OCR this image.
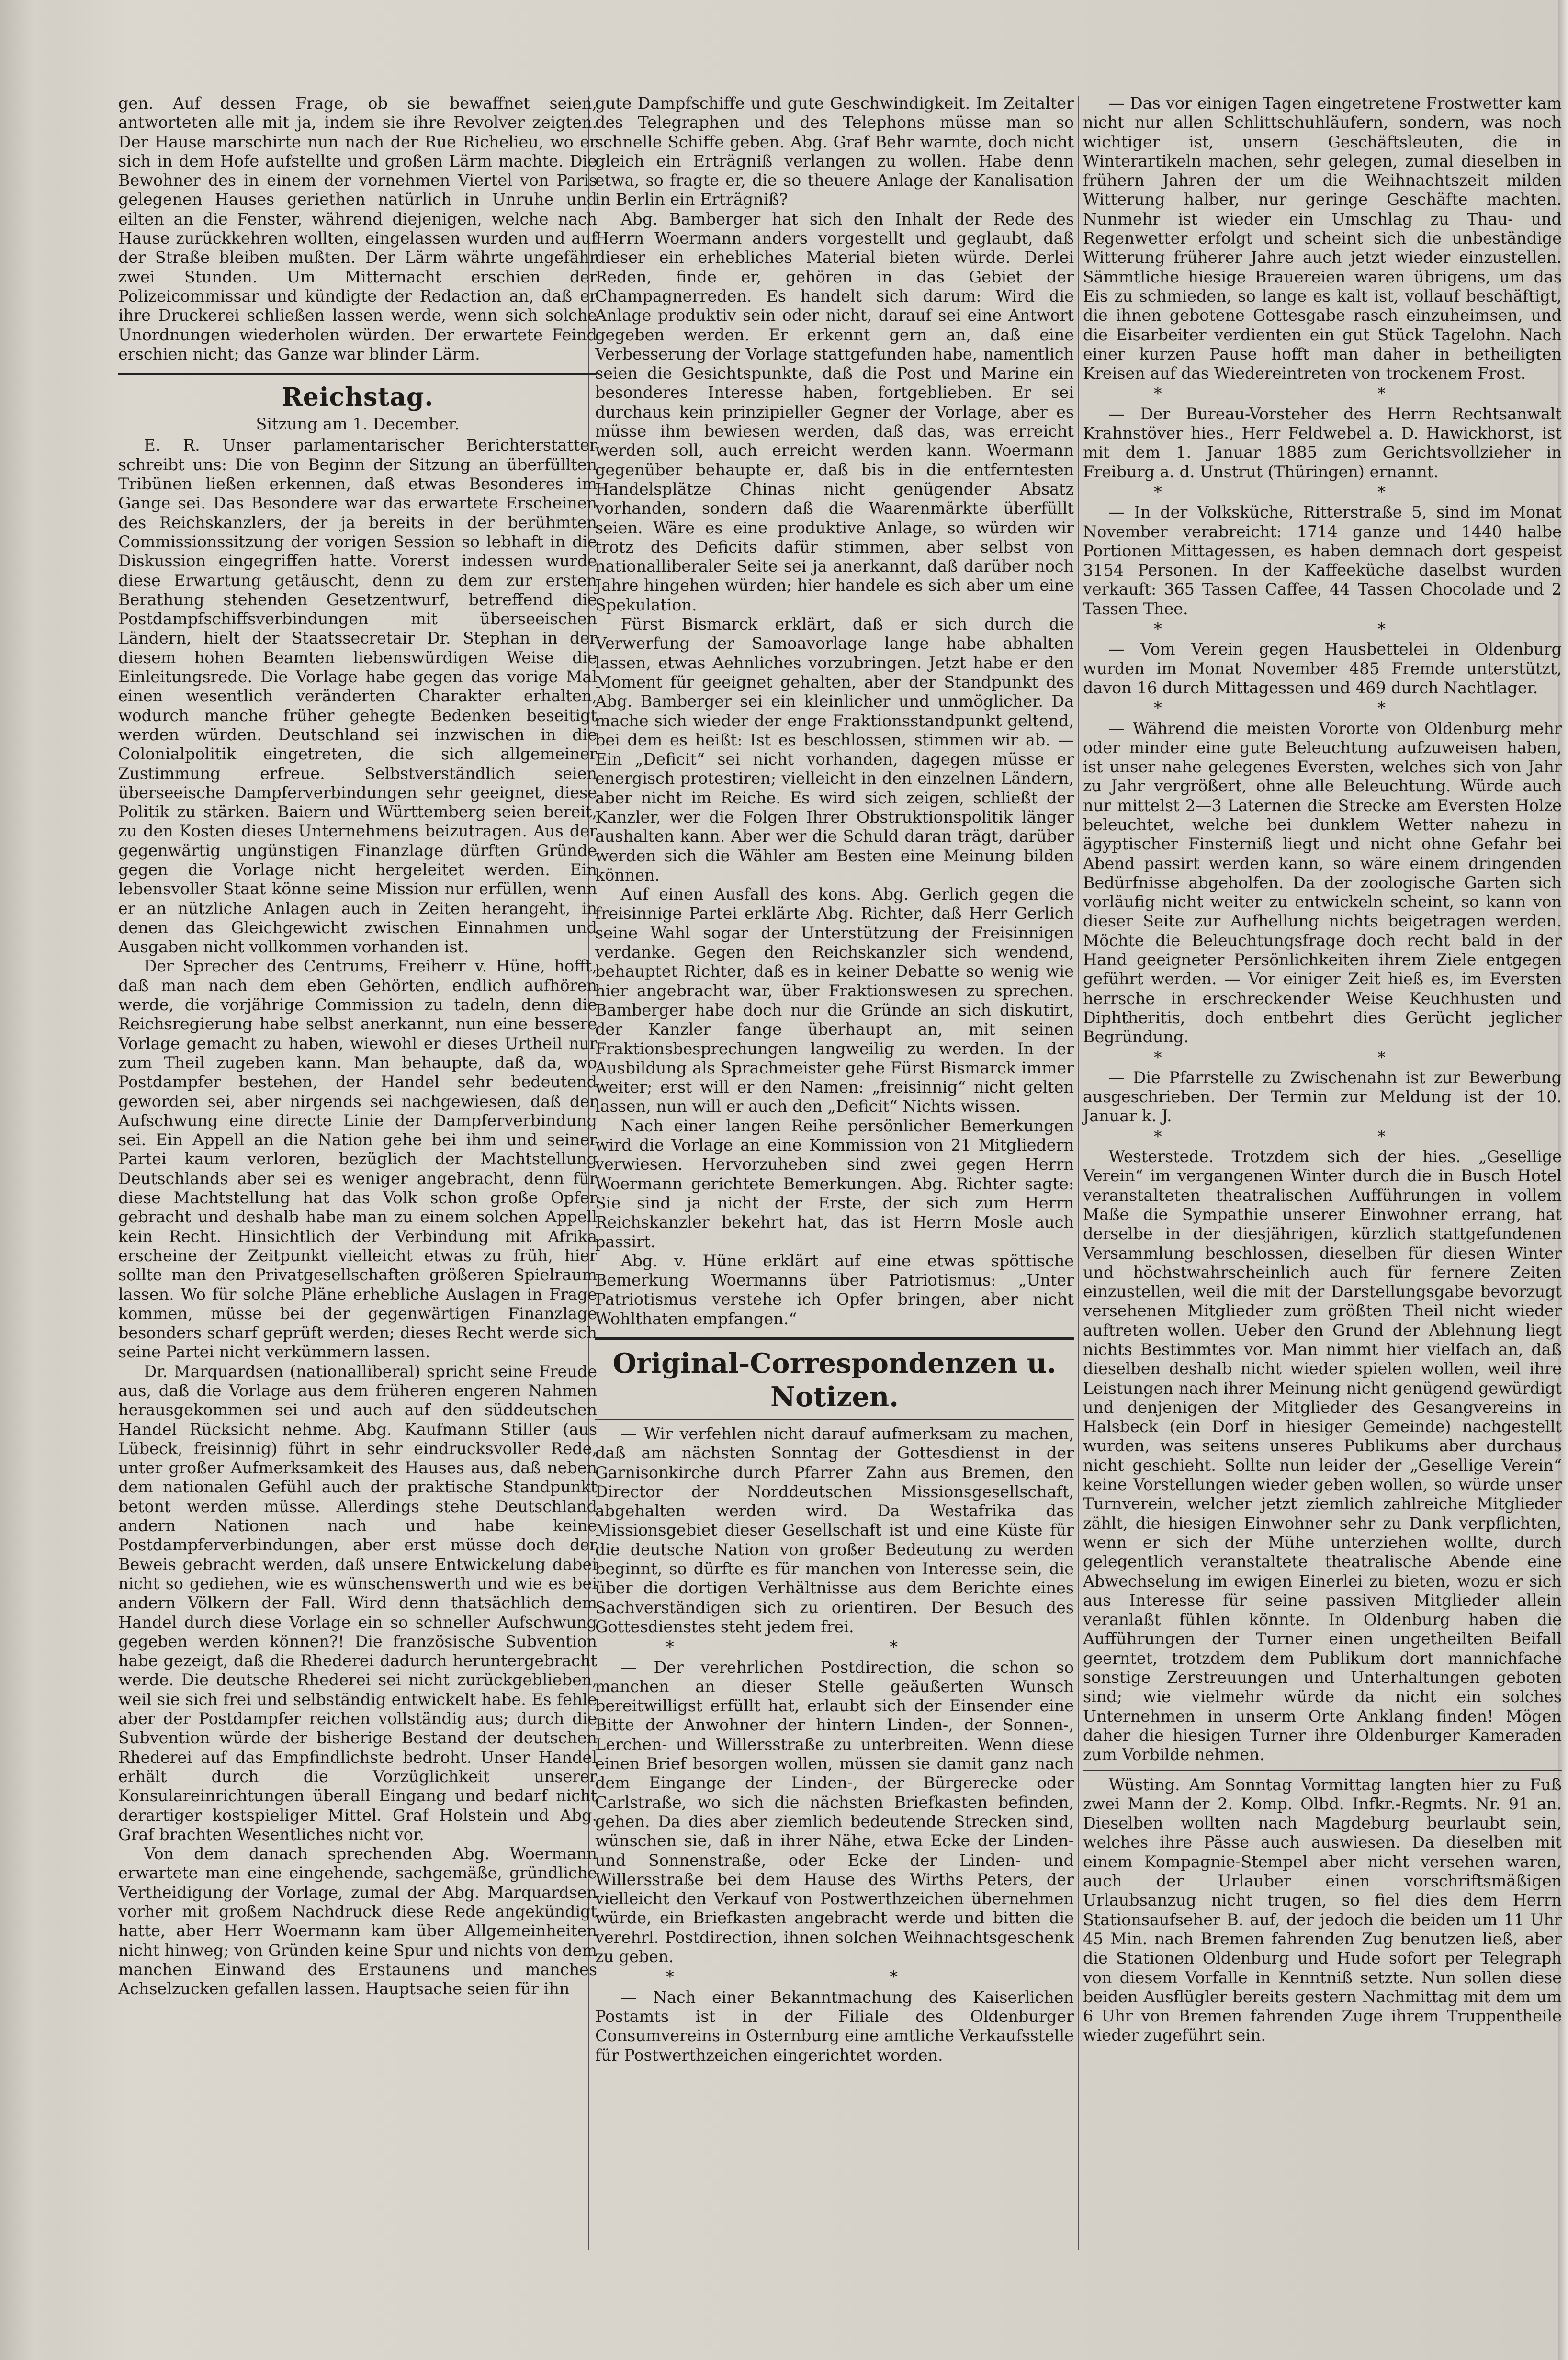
gen. Auf dessen Frage, ob sie bewaffnet seien, antworteten alle mit ja, indem sie ihre Revolver zeigten. Der Hause marschirte nun nach der Rue Richelieu, wo er sich in dem Hofe aufstellte und großen Lärm machte. Die Bewohner des in einem der vornehmen Viertel von Paris gelegenen Hauses geriethen natürlich in Unruhe und eilten an die Fenster, während diejenigen, welche nach Hause zurückkehren wollten, eingelassen wurden und auf der Straße bleiben mußten. Der Lärm währte ungefähr zwei Stunden. Um Mitternacht erschien der Polizeicommissar und kündigte der Redaction an, daß er ihre Druckerei schließen lassen werde, wenn sich solche Unordnungen wiederholen würden. Der erwartete Feind erschien nicht; das Ganze war blinder Lärm.
Reichstag.
Sitzung am 1. December.
E. R. Unser parlamentarischer Berichterstatter schreibt uns: Die von Beginn der Sitzung an überfüllten Tribünen ließen erkennen, daß etwas Besonderes im Gange sei. Das Besondere war das erwartete Erscheinen des Reichskanzlers, der ja bereits in der berühmten Commissionssitzung der vorigen Session so lebhaft in die Diskussion eingegriffen hatte. Vorerst indessen wurde diese Erwartung getäuscht, denn zu dem zur ersten Berathung stehenden Gesetzentwurf, betreffend die Postdampfschiffsverbindungen mit überseeischen Ländern, hielt der Staatssecretair Dr. Stephan in der diesem hohen Beamten liebenswürdigen Weise die Einleitungsrede. Die Vorlage habe gegen das vorige Mal einen wesentlich veränderten Charakter erhalten, wodurch manche früher gehegte Bedenken beseitigt werden würden. Deutschland sei inzwischen in die Colonialpolitik eingetreten, die sich allgemeiner Zustimmung erfreue. Selbstverständlich seien überseeische Dampferverbindungen sehr geeignet, diese Politik zu stärken. Baiern und Württemberg seien bereit, zu den Kosten dieses Unternehmens beizutragen. Aus der gegenwärtig ungünstigen Finanzlage dürften Gründe gegen die Vorlage nicht hergeleitet werden. Ein lebensvoller Staat könne seine Mission nur erfüllen, wenn er an nützliche Anlagen auch in Zeiten herangeht, in denen das Gleichgewicht zwischen Einnahmen und Ausgaben nicht vollkommen vorhanden ist.
Der Sprecher des Centrums, Freiherr v. Hüne, hofft, daß man nach dem eben Gehörten, endlich aufhören werde, die vorjährige Commission zu tadeln, denn die Reichsregierung habe selbst anerkannt, nun eine bessere Vorlage gemacht zu haben, wiewohl er dieses Urtheil nur zum Theil zugeben kann. Man behaupte, daß da, wo Postdampfer bestehen, der Handel sehr bedeutend geworden sei, aber nirgends sei nachgewiesen, daß der Aufschwung eine directe Linie der Dampferverbindung sei. Ein Appell an die Nation gehe bei ihm und seiner Partei kaum verloren, bezüglich der Machtstellung Deutschlands aber sei es weniger angebracht, denn für diese Machtstellung hat das Volk schon große Opfer gebracht und deshalb habe man zu einem solchen Appell kein Recht. Hinsichtlich der Verbindung mit Afrika erscheine der Zeitpunkt vielleicht etwas zu früh, hier sollte man den Privatgesellschaften größeren Spielraum lassen. Wo für solche Pläne erhebliche Auslagen in Frage kommen, müsse bei der gegenwärtigen Finanzlage besonders scharf geprüft werden; dieses Recht werde sich seine Partei nicht verkümmern lassen.
Dr. Marquardsen (nationalliberal) spricht seine Freude aus, daß die Vorlage aus dem früheren engeren Nahmen herausgekommen sei und auch auf den süddeutschen Handel Rücksicht nehme. Abg. Kaufmann Stiller (aus Lübeck, freisinnig) führt in sehr eindrucksvoller Rede, unter großer Aufmerksamkeit des Hauses aus, daß neben dem nationalen Gefühl auch der praktische Standpunkt betont werden müsse. Allerdings stehe Deutschland andern Nationen nach und habe keine Postdampferverbindungen, aber erst müsse doch der Beweis gebracht werden, daß unsere Entwickelung dabei nicht so gediehen, wie es wünschenswerth und wie es bei andern Völkern der Fall. Wird denn thatsächlich dem Handel durch diese Vorlage ein so schneller Aufschwung gegeben werden können?! Die französische Subvention habe gezeigt, daß die Rhederei dadurch heruntergebracht werde. Die deutsche Rhederei sei nicht zurückgeblieben, weil sie sich frei und selbständig entwickelt habe. Es fehle aber der Postdampfer reichen vollständig aus; durch die Subvention würde der bisherige Bestand der deutschen Rhederei auf das Empfindlichste bedroht. Unser Handel erhält durch die Vorzüglichkeit unserer Konsulareinrichtungen überall Eingang und bedarf nicht derartiger kostspieliger Mittel. Graf Holstein und Abg. Graf brachten Wesentliches nicht vor.
Von dem danach sprechenden Abg. Woermann erwartete man eine eingehende, sachgemäße, gründliche Vertheidigung der Vorlage, zumal der Abg. Marquardsen vorher mit großem Nachdruck diese Rede angekündigt hatte, aber Herr Woermann kam über Allgemeinheiten nicht hinweg; von Gründen keine Spur und nichts von dem manchen Einwand des Erstaunens und manches Achselzucken gefallen lassen. Hauptsache seien für ihn
gute Dampfschiffe und gute Geschwindigkeit. Im Zeitalter des Telegraphen und des Telephons müsse man so schnelle Schiffe geben. Abg. Graf Behr warnte, doch nicht gleich ein Erträgniß verlangen zu wollen. Habe denn etwa, so fragte er, die so theuere Anlage der Kanalisation in Berlin ein Erträgniß?
Abg. Bamberger hat sich den Inhalt der Rede des Herrn Woermann anders vorgestellt und geglaubt, daß dieser ein erhebliches Material bieten würde. Derlei Reden, finde er, gehören in das Gebiet der Champagnerreden. Es handelt sich darum: Wird die Anlage produktiv sein oder nicht, darauf sei eine Antwort gegeben werden. Er erkennt gern an, daß eine Verbesserung der Vorlage stattgefunden habe, namentlich seien die Gesichtspunkte, daß die Post und Marine ein besonderes Interesse haben, fortgeblieben. Er sei durchaus kein prinzipieller Gegner der Vorlage, aber es müsse ihm bewiesen werden, daß das, was erreicht werden soll, auch erreicht werden kann. Woermann gegenüber behaupte er, daß bis in die entferntesten Handelsplätze Chinas nicht genügender Absatz vorhanden, sondern daß die Waarenmärkte überfüllt seien. Wäre es eine produktive Anlage, so würden wir trotz des Deficits dafür stimmen, aber selbst von nationalliberaler Seite sei ja anerkannt, daß darüber noch Jahre hingehen würden; hier handele es sich aber um eine Spekulation.
Fürst Bismarck erklärt, daß er sich durch die Verwerfung der Samoavorlage lange habe abhalten lassen, etwas Aehnliches vorzubringen. Jetzt habe er den Moment für geeignet gehalten, aber der Standpunkt des Abg. Bamberger sei ein kleinlicher und unmöglicher. Da mache sich wieder der enge Fraktionsstandpunkt geltend, bei dem es heißt: Ist es beschlossen, stimmen wir ab. — Ein „Deficit“ sei nicht vorhanden, dagegen müsse er energisch protestiren; vielleicht in den einzelnen Ländern, aber nicht im Reiche. Es wird sich zeigen, schließt der Kanzler, wer die Folgen Ihrer Obstruktionspolitik länger aushalten kann. Aber wer die Schuld daran trägt, darüber werden sich die Wähler am Besten eine Meinung bilden können.
Auf einen Ausfall des kons. Abg. Gerlich gegen die freisinnige Partei erklärte Abg. Richter, daß Herr Gerlich seine Wahl sogar der Unterstützung der Freisinnigen verdanke. Gegen den Reichskanzler sich wendend, behauptet Richter, daß es in keiner Debatte so wenig wie hier angebracht war, über Fraktionswesen zu sprechen. Bamberger habe doch nur die Gründe an sich diskutirt, der Kanzler fange überhaupt an, mit seinen Fraktionsbesprechungen langweilig zu werden. In der Ausbildung als Sprachmeister gehe Fürst Bismarck immer weiter; erst will er den Namen: „freisinnig“ nicht gelten lassen, nun will er auch den „Deficit“ Nichts wissen.
Nach einer langen Reihe persönlicher Bemerkungen wird die Vorlage an eine Kommission von 21 Mitgliedern verwiesen. Hervorzuheben sind zwei gegen Herrn Woermann gerichtete Bemerkungen. Abg. Richter sagte: Sie sind ja nicht der Erste, der sich zum Herrn Reichskanzler bekehrt hat, das ist Herrn Mosle auch passirt.
Abg. v. Hüne erklärt auf eine etwas spöttische Bemerkung Woermanns über Patriotismus: „Unter Patriotismus verstehe ich Opfer bringen, aber nicht Wohlthaten empfangen.“
Original-Correspondenzen u. Notizen.
— Wir verfehlen nicht darauf aufmerksam zu machen, daß am nächsten Sonntag der Gottesdienst in der Garnisonkirche durch Pfarrer Zahn aus Bremen, den Director der Norddeutschen Missionsgesellschaft, abgehalten werden wird. Da Westafrika das Missionsgebiet dieser Gesellschaft ist und eine Küste für die deutsche Nation von großer Bedeutung zu werden beginnt, so dürfte es für manchen von Interesse sein, die über die dortigen Verhältnisse aus dem Berichte eines Sachverständigen sich zu orientiren. Der Besuch des Gottesdienstes steht jedem frei.
* *
— Der verehrlichen Postdirection, die schon so manchen an dieser Stelle geäußerten Wunsch bereitwilligst erfüllt hat, erlaubt sich der Einsender eine Bitte der Anwohner der hintern Linden-, der Sonnen-, Lerchen- und Willersstraße zu unterbreiten. Wenn diese einen Brief besorgen wollen, müssen sie damit ganz nach dem Eingange der Linden-, der Bürgerecke oder Carlstraße, wo sich die nächsten Briefkasten befinden, gehen. Da dies aber ziemlich bedeutende Strecken sind, wünschen sie, daß in ihrer Nähe, etwa Ecke der Linden- und Sonnenstraße, oder Ecke der Linden- und Willersstraße bei dem Hause des Wirths Peters, der vielleicht den Verkauf von Postwerthzeichen übernehmen würde, ein Briefkasten angebracht werde und bitten die verehrl. Postdirection, ihnen solchen Weihnachtsgeschenk zu geben.
* *
— Nach einer Bekanntmachung des Kaiserlichen Postamts ist in der Filiale des Oldenburger Consumvereins in Osternburg eine amtliche Verkaufsstelle für Postwerthzeichen eingerichtet worden.
— Das vor einigen Tagen eingetretene Frostwetter kam nicht nur allen Schlittschuhläufern, sondern, was noch wichtiger ist, unsern Geschäftsleuten, die in Winterartikeln machen, sehr gelegen, zumal dieselben in frühern Jahren der um die Weihnachtszeit milden Witterung halber, nur geringe Geschäfte machten. Nunmehr ist wieder ein Umschlag zu Thau- und Regenwetter erfolgt und scheint sich die unbeständige Witterung früherer Jahre auch jetzt wieder einzustellen. Sämmtliche hiesige Brauereien waren übrigens, um das Eis zu schmieden, so lange es kalt ist, vollauf beschäftigt, die ihnen gebotene Gottesgabe rasch einzuheimsen, und die Eisarbeiter verdienten ein gut Stück Tagelohn. Nach einer kurzen Pause hofft man daher in betheiligten Kreisen auf das Wiedereintreten von trockenem Frost.
* *
— Der Bureau-Vorsteher des Herrn Rechtsanwalt Krahnstöver hies., Herr Feldwebel a. D. Hawickhorst, ist mit dem 1. Januar 1885 zum Gerichtsvollzieher in Freiburg a. d. Unstrut (Thüringen) ernannt.
* *
— In der Volksküche, Ritterstraße 5, sind im Monat November verabreicht: 1714 ganze und 1440 halbe Portionen Mittagessen, es haben demnach dort gespeist 3154 Personen. In der Kaffeeküche daselbst wurden verkauft: 365 Tassen Caffee, 44 Tassen Chocolade und 2 Tassen Thee.
* *
— Vom Verein gegen Hausbettelei in Oldenburg wurden im Monat November 485 Fremde unterstützt, davon 16 durch Mittagessen und 469 durch Nachtlager.
* *
— Während die meisten Vororte von Oldenburg mehr oder minder eine gute Beleuchtung aufzuweisen haben, ist unser nahe gelegenes Eversten, welches sich von Jahr zu Jahr vergrößert, ohne alle Beleuchtung. Würde auch nur mittelst 2—3 Laternen die Strecke am Eversten Holze beleuchtet, welche bei dunklem Wetter nahezu in ägyptischer Finsterniß liegt und nicht ohne Gefahr bei Abend passirt werden kann, so wäre einem dringenden Bedürfnisse abgeholfen. Da der zoologische Garten sich vorläufig nicht weiter zu entwickeln scheint, so kann von dieser Seite zur Aufhellung nichts beigetragen werden. Möchte die Beleuchtungsfrage doch recht bald in der Hand geeigneter Persönlichkeiten ihrem Ziele entgegen geführt werden. — Vor einiger Zeit hieß es, im Eversten herrsche in erschreckender Weise Keuchhusten und Diphtheritis, doch entbehrt dies Gerücht jeglicher Begründung.
* *
— Die Pfarrstelle zu Zwischenahn ist zur Bewerbung ausgeschrieben. Der Termin zur Meldung ist der 10. Januar k. J.
* *
Westerstede. Trotzdem sich der hies. „Gesellige Verein“ im vergangenen Winter durch die in Busch Hotel veranstalteten theatralischen Aufführungen in vollem Maße die Sympathie unserer Einwohner errang, hat derselbe in der diesjährigen, kürzlich stattgefundenen Versammlung beschlossen, dieselben für diesen Winter und höchstwahrscheinlich auch für fernere Zeiten einzustellen, weil die mit der Darstellungsgabe bevorzugt versehenen Mitglieder zum größten Theil nicht wieder auftreten wollen. Ueber den Grund der Ablehnung liegt nichts Bestimmtes vor. Man nimmt hier vielfach an, daß dieselben deshalb nicht wieder spielen wollen, weil ihre Leistungen nach ihrer Meinung nicht genügend gewürdigt und denjenigen der Mitglieder des Gesangvereins in Halsbeck (ein Dorf in hiesiger Gemeinde) nachgestellt wurden, was seitens unseres Publikums aber durchaus nicht geschieht. Sollte nun leider der „Gesellige Verein“ keine Vorstellungen wieder geben wollen, so würde unser Turnverein, welcher jetzt ziemlich zahlreiche Mitglieder zählt, die hiesigen Einwohner sehr zu Dank verpflichten, wenn er sich der Mühe unterziehen wollte, durch gelegentlich veranstaltete theatralische Abende eine Abwechselung im ewigen Einerlei zu bieten, wozu er sich aus Interesse für seine passiven Mitglieder allein veranlaßt fühlen könnte. In Oldenburg haben die Aufführungen der Turner einen ungetheilten Beifall geerntet, trotzdem dem Publikum dort mannichfache sonstige Zerstreuungen und Unterhaltungen geboten sind; wie vielmehr würde da nicht ein solches Unternehmen in unserm Orte Anklang finden! Mögen daher die hiesigen Turner ihre Oldenburger Kameraden zum Vorbilde nehmen.
Wüsting. Am Sonntag Vormittag langten hier zu Fuß zwei Mann der 2. Komp. Olbd. Infkr.-Regmts. Nr. 91 an. Dieselben wollten nach Magdeburg beurlaubt sein, welches ihre Pässe auch auswiesen. Da dieselben mit einem Kompagnie-Stempel aber nicht versehen waren, auch der Urlauber einen vorschriftsmäßigen Urlaubsanzug nicht trugen, so fiel dies dem Herrn Stationsaufseher B. auf, der jedoch die beiden um 11 Uhr 45 Min. nach Bremen fahrenden Zug benutzen ließ, aber die Stationen Oldenburg und Hude sofort per Telegraph von diesem Vorfalle in Kenntniß setzte. Nun sollen diese beiden Ausflügler bereits gestern Nachmittag mit dem um 6 Uhr von Bremen fahrenden Zuge ihrem Truppentheile wieder zugeführt sein.
